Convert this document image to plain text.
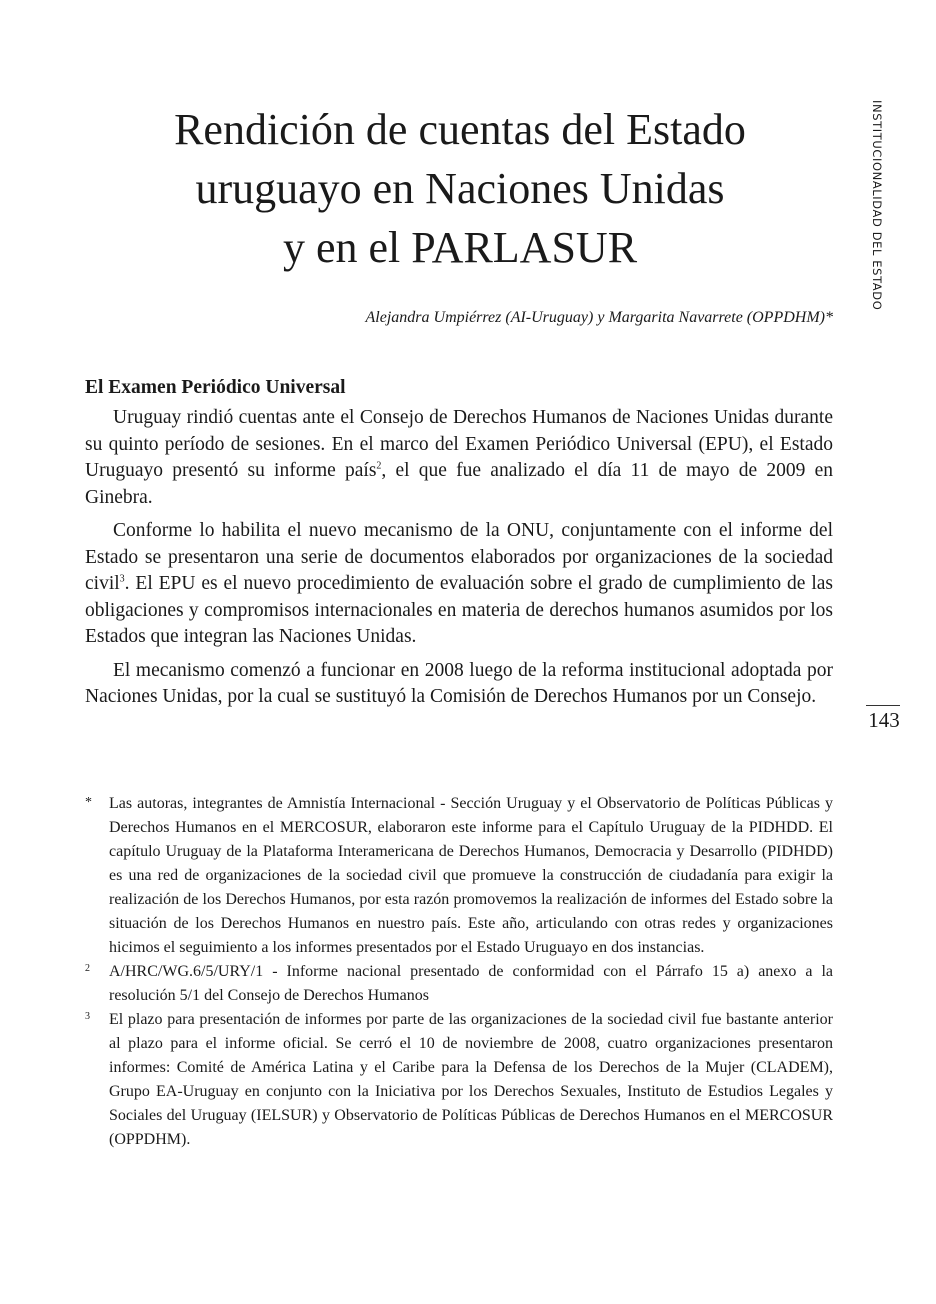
Rendición de cuentas del Estado
uruguayo en Naciones Unidas
y en el PARLASUR
Alejandra Umpiérrez (AI-Uruguay) y Margarita Navarrete (OPPDHM)*
INSTITUCIONALIDAD DEL ESTADO
143
El Examen Periódico Universal

Uruguay rindió cuentas ante el Consejo de Derechos Humanos de Naciones Unidas durante su quinto período de sesiones. En el marco del Examen Periódico Universal (EPU), el Estado Uruguayo presentó su informe país$^2$, el que fue analizado el día 11 de mayo de 2009 en Ginebra.

Conforme lo habilita el nuevo mecanismo de la ONU, conjuntamente con el informe del Estado se presentaron una serie de documentos elaborados por organizaciones de la sociedad civil$^3$. El EPU es el nuevo procedimiento de evaluación sobre el grado de cumplimiento de las obligaciones y compromisos internacionales en materia de derechos humanos asumidos por los Estados que integran las Naciones Unidas.

El mecanismo comenzó a funcionar en 2008 luego de la reforma institucional adoptada por Naciones Unidas, por la cual se sustituyó la Comisión de Derechos Humanos por un Consejo.

*	Las autoras, integrantes de Amnistía Internacional - Sección Uruguay y el Observatorio de Políticas Públicas y Derechos Humanos en el MERCOSUR, elaboraron este informe para el Capítulo Uruguay de la PIDHDD. El capítulo Uruguay de la Plataforma Interamericana de Derechos Humanos, Democracia y Desarrollo (PIDHDD) es una red de organizaciones de la sociedad civil que promueve la construcción de ciudadanía para exigir la realización de los Derechos Humanos, por esta razón promovemos la realización de informes del Estado sobre la situación de los Derechos Humanos en nuestro país. Este año, articulando con otras redes y organizaciones hicimos el seguimiento a los informes presentados por el Estado Uruguayo en dos instancias.
2	A/HRC/WG.6/5/URY/1 - Informe nacional presentado de conformidad con el Párrafo 15 a) anexo a la resolución 5/1 del Consejo de Derechos Humanos
3	El plazo para presentación de informes por parte de las organizaciones de la sociedad civil fue bastante anterior al plazo para el informe oficial. Se cerró el 10 de noviembre de 2008, cuatro organizaciones presentaron informes: Comité de América Latina y el Caribe para la Defensa de los Derechos de la Mujer (CLADEM), Grupo EA-Uruguay en conjunto con la Iniciativa por los Derechos Sexuales, Instituto de Estudios Legales y Sociales del Uruguay (IELSUR) y Observatorio de Políticas Públicas de Derechos Humanos en el MERCOSUR (OPPDHM).
